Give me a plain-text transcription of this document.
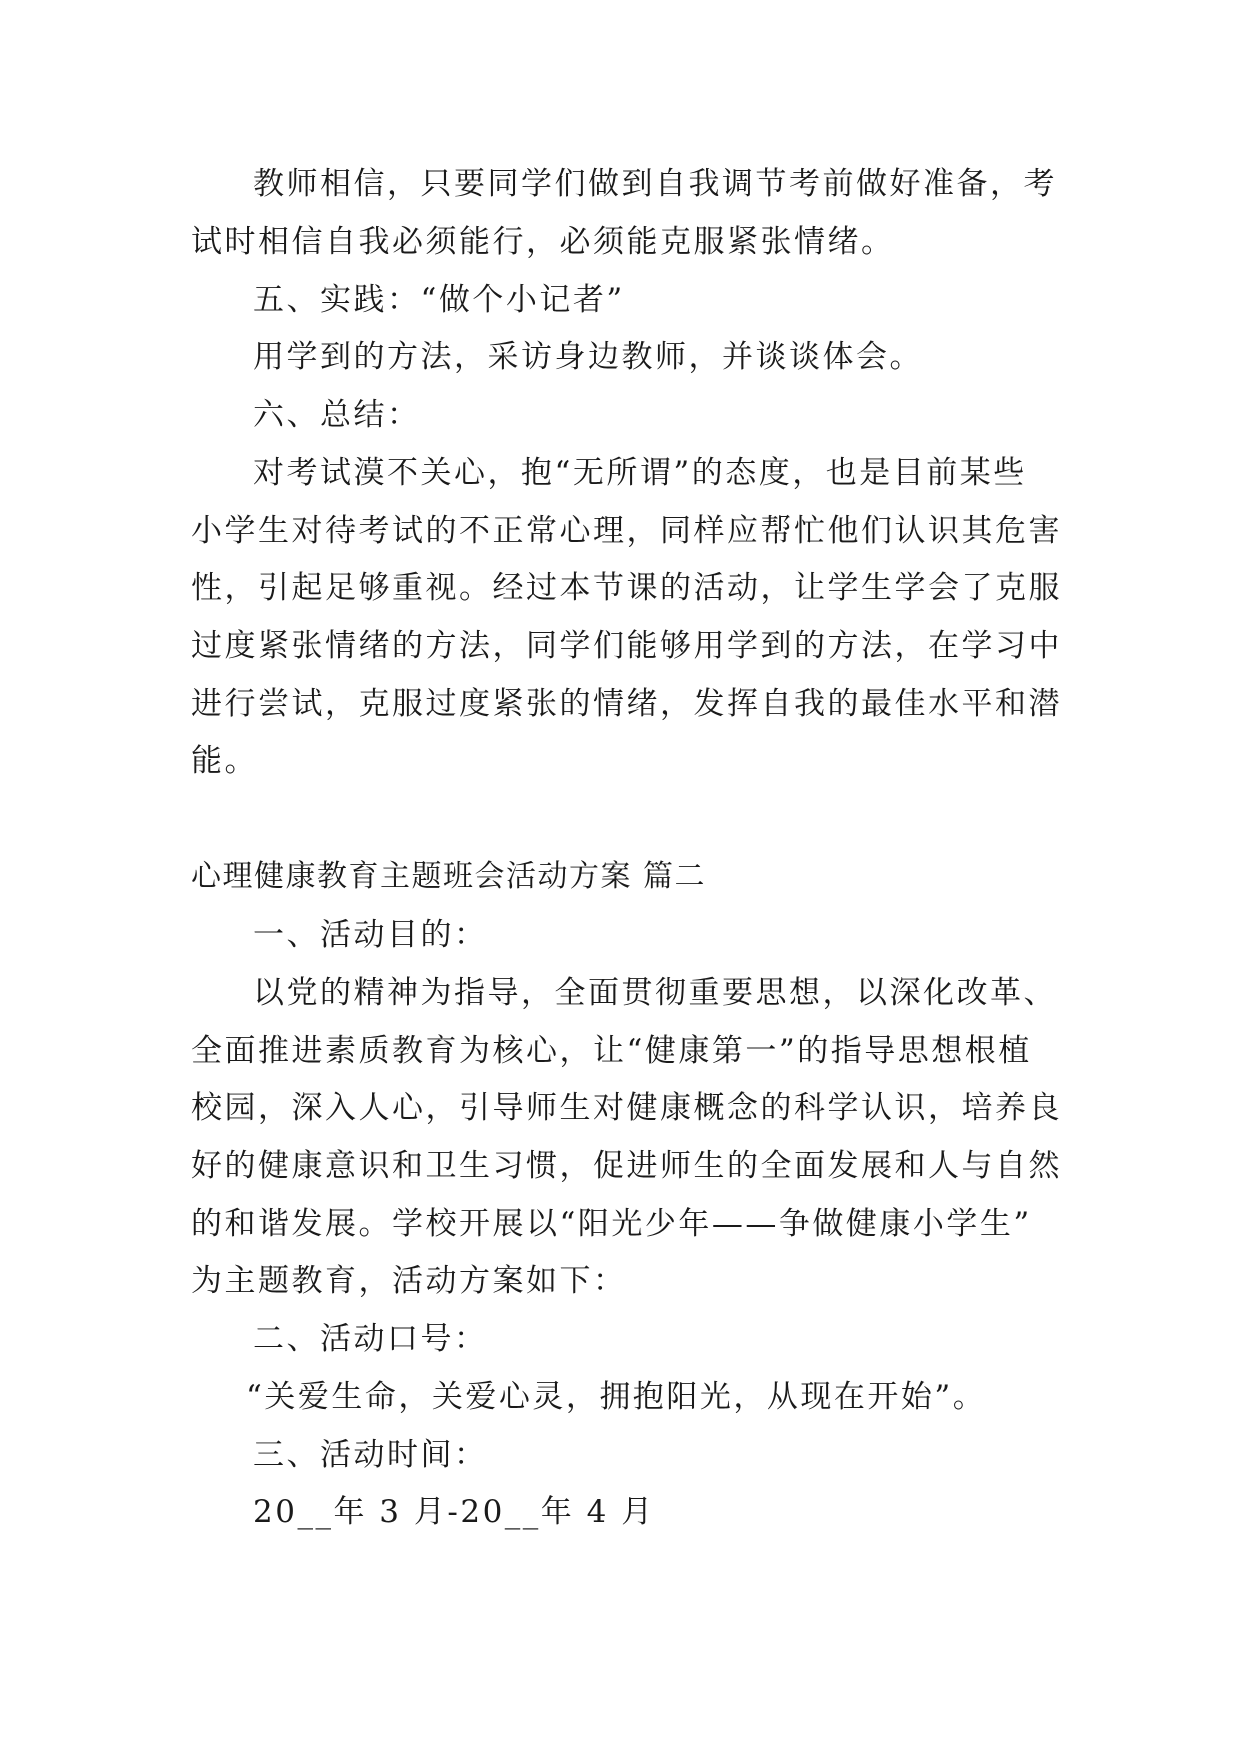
教师相信，只要同学们做到自我调节考前做好准备，考
试时相信自我必须能行，必须能克服紧张情绪。
五、实践：“做个小记者”
用学到的方法，采访身边教师，并谈谈体会。
六、总结：
对考试漠不关心，抱“无所谓”的态度，也是目前某些
小学生对待考试的不正常心理，同样应帮忙他们认识其危害
性，引起足够重视。经过本节课的活动，让学生学会了克服
过度紧张情绪的方法，同学们能够用学到的方法，在学习中
进行尝试，克服过度紧张的情绪，发挥自我的最佳水平和潜
能。
心理健康教育主题班会活动方案 篇二
一、活动目的：
以党的精神为指导，全面贯彻重要思想，以深化改革、
全面推进素质教育为核心，让“健康第一”的指导思想根植
校园，深入人心，引导师生对健康概念的科学认识，培养良
好的健康意识和卫生习惯，促进师生的全面发展和人与自然
的和谐发展。学校开展以“阳光少年——争做健康小学生”
为主题教育，活动方案如下：
二、活动口号：
“关爱生命，关爱心灵，拥抱阳光，从现在开始”。
三、活动时间：
20__年 3 月-20__年 4 月
